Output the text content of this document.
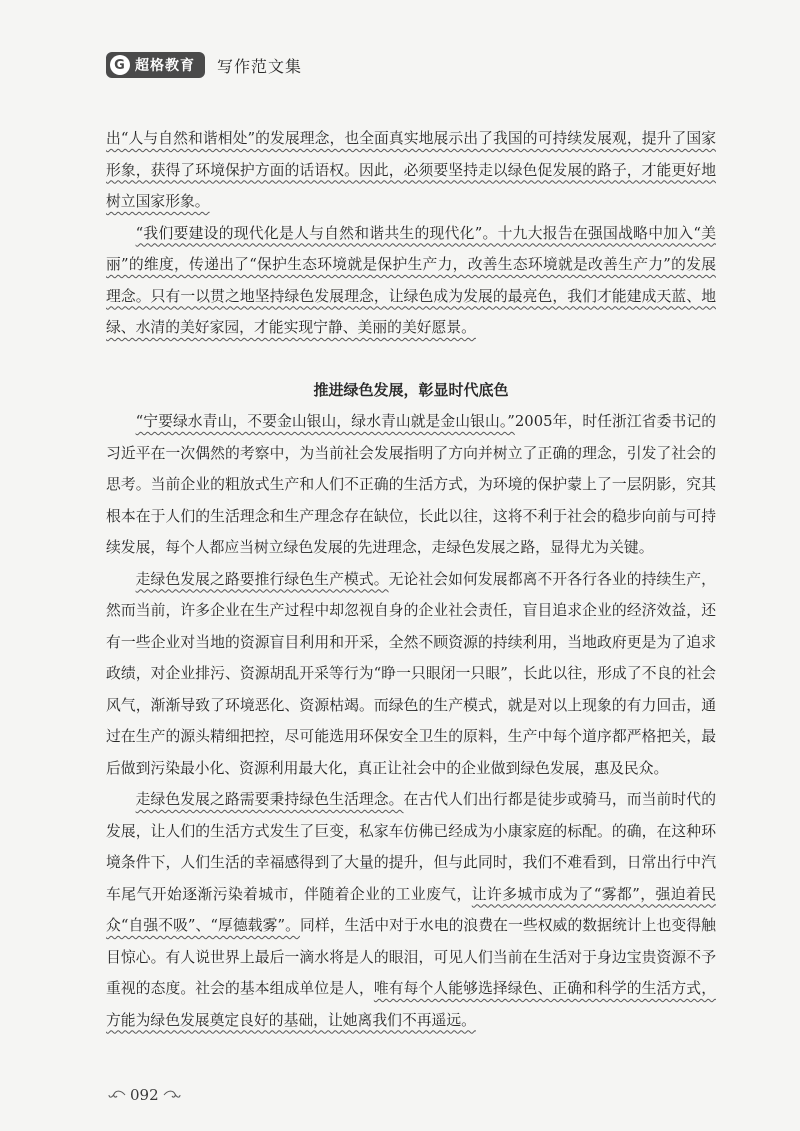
G 超格教育 写作范文集

出“人与自然和谐相处”的发展理念，也全面真实地展示出了我国的可持续发展观，提升了国家形象，获得了环境保护方面的话语权。因此，必须要坚持走以绿色促发展的路子，才能更好地树立国家形象。

“我们要建设的现代化是人与自然和谐共生的现代化”。十九大报告在强国战略中加入“美丽”的维度，传递出了“保护生态环境就是保护生产力，改善生态环境就是改善生产力”的发展理念。只有一以贯之地坚持绿色发展理念，让绿色成为发展的最亮色，我们才能建成天蓝、地绿、水清的美好家园，才能实现宁静、美丽的美好愿景。

推进绿色发展，彰显时代底色

“宁要绿水青山，不要金山银山，绿水青山就是金山银山。”2005年，时任浙江省委书记的习近平在一次偶然的考察中，为当前社会发展指明了方向并树立了正确的理念，引发了社会的思考。当前企业的粗放式生产和人们不正确的生活方式，为环境的保护蒙上了一层阴影，究其根本在于人们的生活理念和生产理念存在缺位，长此以往，这将不利于社会的稳步向前与可持续发展，每个人都应当树立绿色发展的先进理念，走绿色发展之路，显得尤为关键。

走绿色发展之路要推行绿色生产模式。无论社会如何发展都离不开各行各业的持续生产，然而当前，许多企业在生产过程中却忽视自身的企业社会责任，盲目追求企业的经济效益，还有一些企业对当地的资源盲目利用和开采，全然不顾资源的持续利用，当地政府更是为了追求政绩，对企业排污、资源胡乱开采等行为“睁一只眼闭一只眼”，长此以往，形成了不良的社会风气，渐渐导致了环境恶化、资源枯竭。而绿色的生产模式，就是对以上现象的有力回击，通过在生产的源头精细把控，尽可能选用环保安全卫生的原料，生产中每个道序都严格把关，最后做到污染最小化、资源利用最大化，真正让社会中的企业做到绿色发展，惠及民众。

走绿色发展之路需要秉持绿色生活理念。在古代人们出行都是徒步或骑马，而当前时代的发展，让人们的生活方式发生了巨变，私家车仿佛已经成为小康家庭的标配。的确，在这种环境条件下，人们生活的幸福感得到了大量的提升，但与此同时，我们不难看到，日常出行中汽车尾气开始逐渐污染着城市，伴随着企业的工业废气，让许多城市成为了“雾都”，强迫着民众“自强不吸”、“厚德载雾”。同样，生活中对于水电的浪费在一些权威的数据统计上也变得触目惊心。有人说世界上最后一滴水将是人的眼泪，可见人们当前在生活对于身边宝贵资源不予重视的态度。社会的基本组成单位是人，唯有每个人能够选择绿色、正确和科学的生活方式，方能为绿色发展奠定良好的基础，让她离我们不再遥远。

092
